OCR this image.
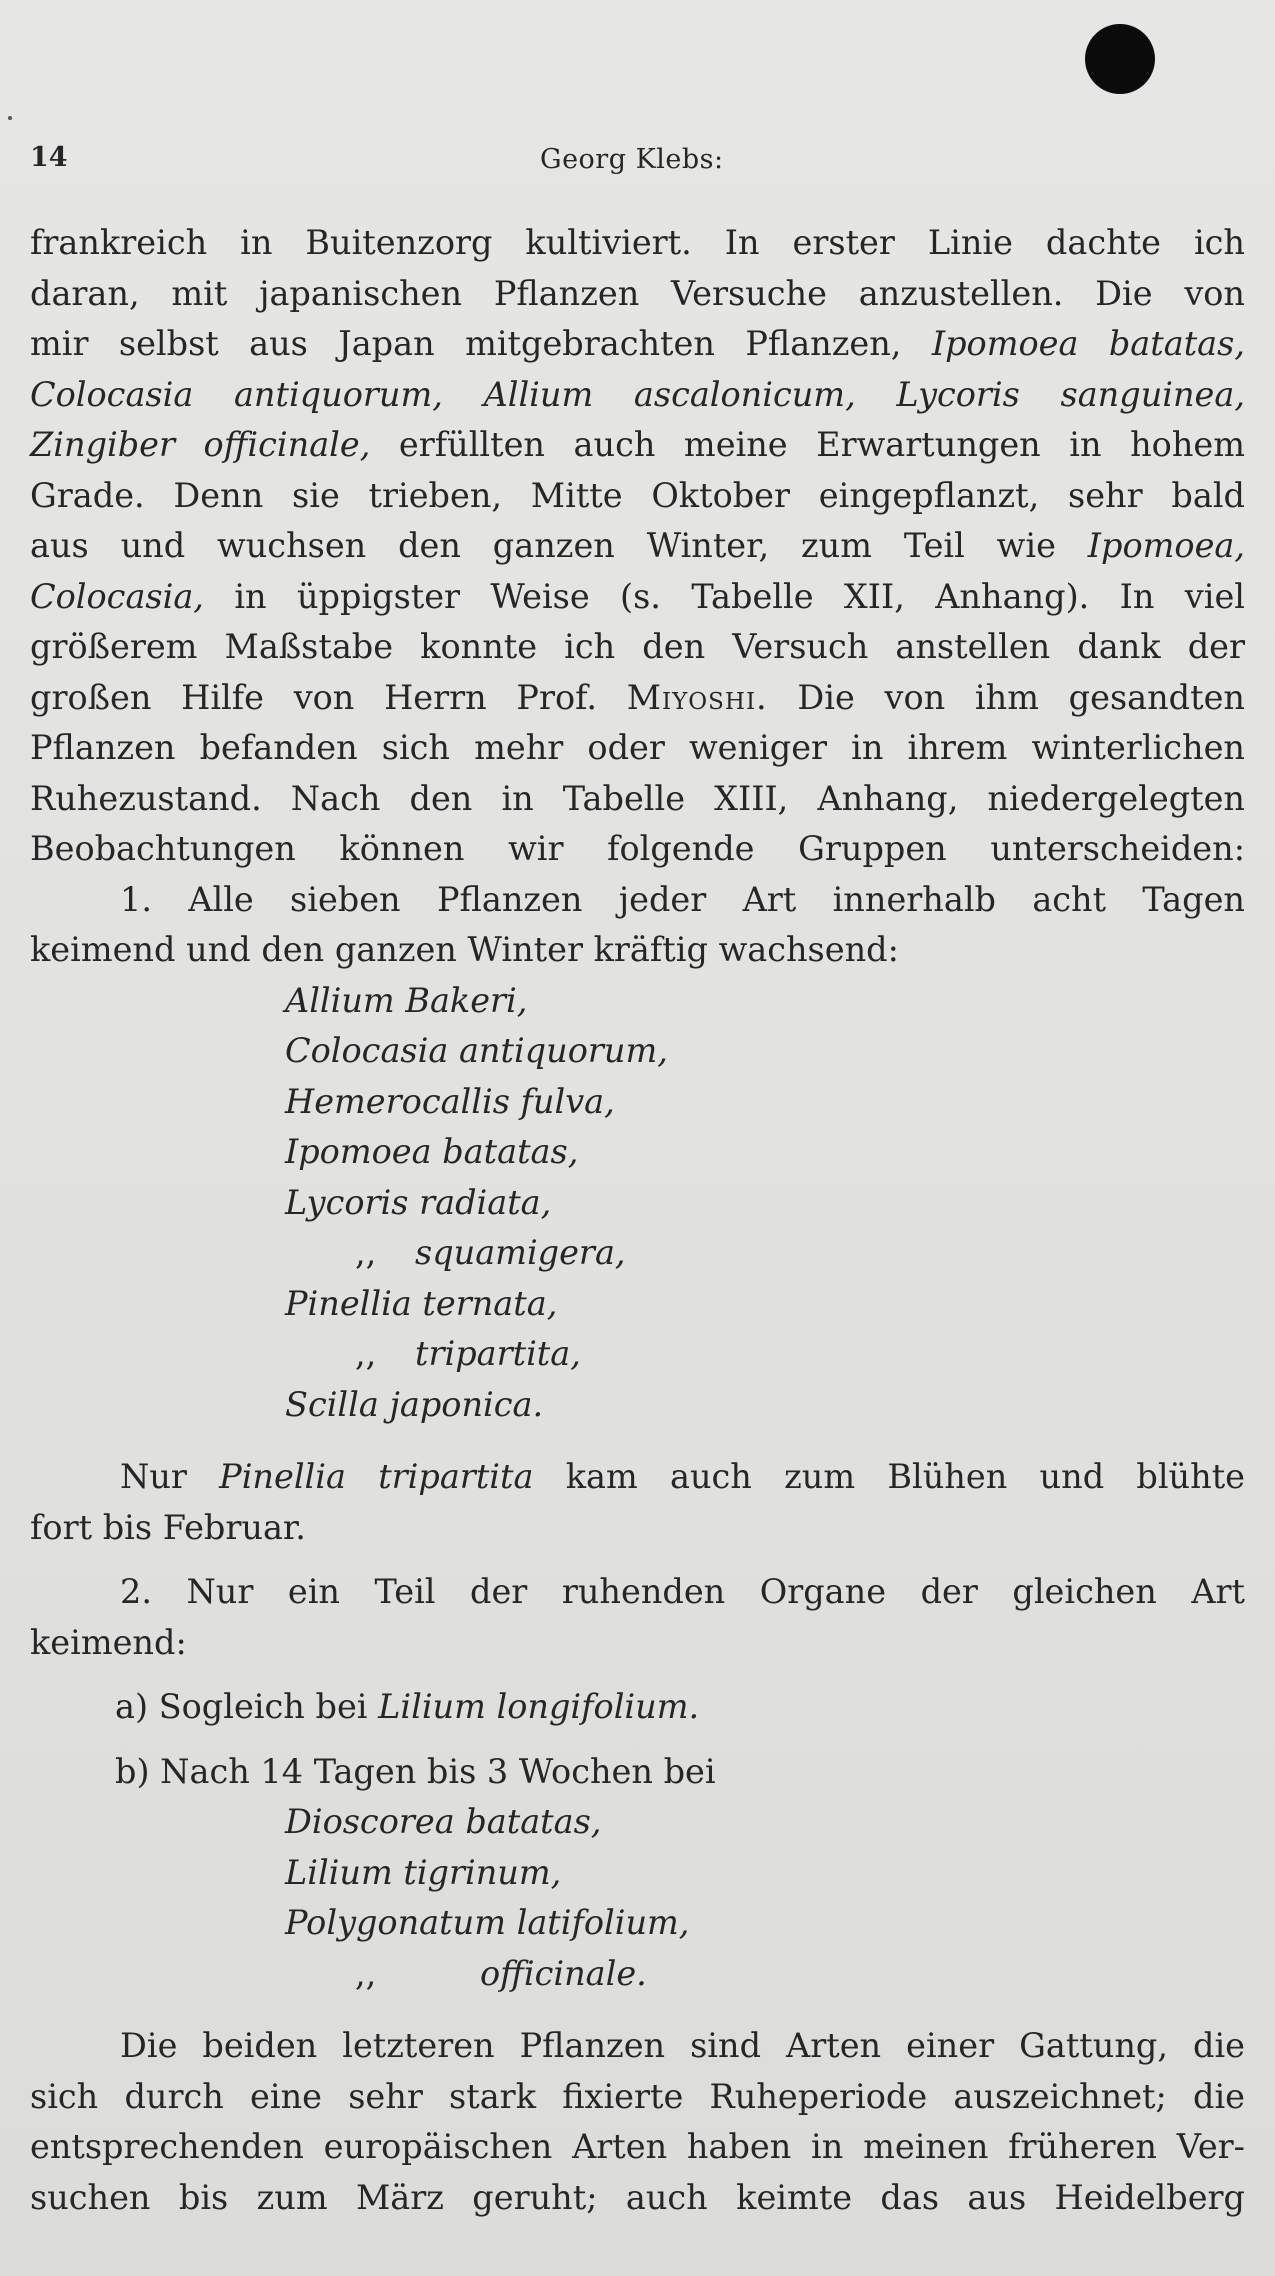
14	Georg Klebs:
frankreich in Buitenzorg kultiviert. In erster Linie dachte ich
daran, mit japanischen Pflanzen Versuche anzustellen. Die von
mir selbst aus Japan mitgebrachten Pflanzen, Ipomoea batatas,
Colocasia antiquorum, Allium ascalonicum, Lycoris sanguinea,
Zingiber officinale, erfüllten auch meine Erwartungen in hohem
Grade. Denn sie trieben, Mitte Oktober eingepflanzt, sehr bald
aus und wuchsen den ganzen Winter, zum Teil wie Ipomoea,
Colocasia, in üppigster Weise (s. Tabelle XII, Anhang). In viel
größerem Maßstabe konnte ich den Versuch anstellen dank der
großen Hilfe von Herrn Prof. Miyoshi. Die von ihm gesandten
Pflanzen befanden sich mehr oder weniger in ihrem winterlichen
Ruhezustand. Nach den in Tabelle XIII, Anhang, niedergelegten
Beobachtungen können wir folgende Gruppen unterscheiden:
1. Alle sieben Pflanzen jeder Art innerhalb acht Tagen
keimend und den ganzen Winter kräftig wachsend:
Allium Bakeri,
Colocasia antiquorum,
Hemerocallis fulva,
Ipomoea batatas,
Lycoris radiata,
,, squamigera,
Pinellia ternata,
,, tripartita,
Scilla japonica.
Nur Pinellia tripartita kam auch zum Blühen und blühte
fort bis Februar.
2. Nur ein Teil der ruhenden Organe der gleichen Art
keimend:
a) Sogleich bei Lilium longifolium.
b) Nach 14 Tagen bis 3 Wochen bei
Dioscorea batatas,
Lilium tigrinum,
Polygonatum latifolium,
,,	officinale.
Die beiden letzteren Pflanzen sind Arten einer Gattung, die
sich durch eine sehr stark fixierte Ruheperiode auszeichnet; die
entsprechenden europäischen Arten haben in meinen früheren Ver-
suchen bis zum März geruht; auch keimte das aus Heidelberg
